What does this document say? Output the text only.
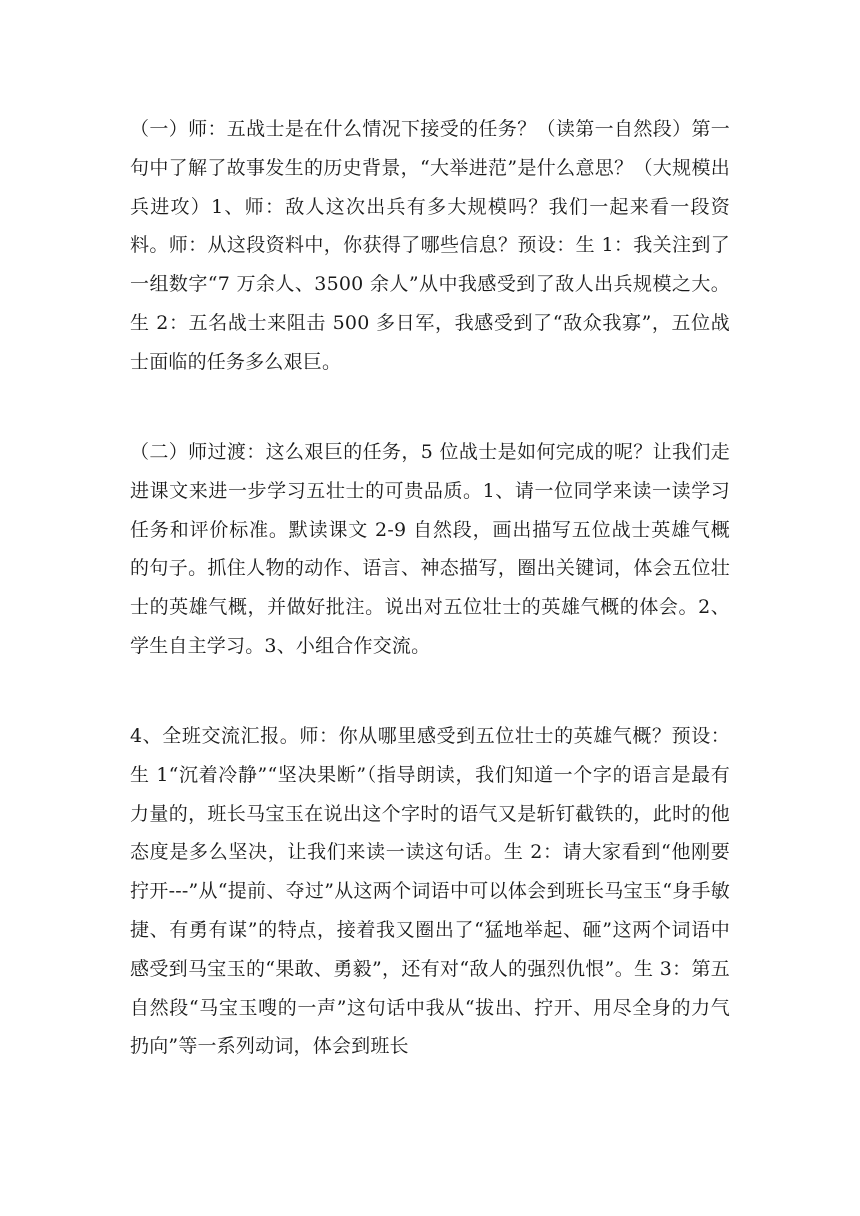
（一）师：五战士是在什么情况下接受的任务？（读第一自然段）第一句中了解了故事发生的历史背景，“大举进范”是什么意思？（大规模出兵进攻）1、师：敌人这次出兵有多大规模吗？我们一起来看一段资料。师：从这段资料中，你获得了哪些信息？预设：生 1：我关注到了一组数字“7 万余人、3500 余人”从中我感受到了敌人出兵规模之大。生 2：五名战士来阻击 500 多日军，我感受到了“敌众我寡”，五位战士面临的任务多么艰巨。

（二）师过渡：这么艰巨的任务，5 位战士是如何完成的呢？让我们走进课文来进一步学习五壮士的可贵品质。1、请一位同学来读一读学习任务和评价标准。默读课文 2-9 自然段，画出描写五位战士英雄气概的句子。抓住人物的动作、语言、神态描写，圈出关键词，体会五位壮士的英雄气概，并做好批注。说出对五位壮士的英雄气概的体会。2、学生自主学习。3、小组合作交流。

4、全班交流汇报。师：你从哪里感受到五位壮士的英雄气概？预设：生 1“沉着冷静”“坚决果断”（指导朗读，我们知道一个字的语言是最有力量的，班长马宝玉在说出这个字时的语气又是斩钉截铁的，此时的他态度是多么坚决，让我们来读一读这句话。生 2：请大家看到“他刚要拧开---”从“提前、夺过”从这两个词语中可以体会到班长马宝玉“身手敏捷、有勇有谋”的特点，接着我又圈出了“猛地举起、砸”这两个词语中感受到马宝玉的“果敢、勇毅”，还有对“敌人的强烈仇恨”。生 3：第五自然段“马宝玉嗖的一声”这句话中我从“拔出、拧开、用尽全身的力气扔向”等一系列动词，体会到班长
